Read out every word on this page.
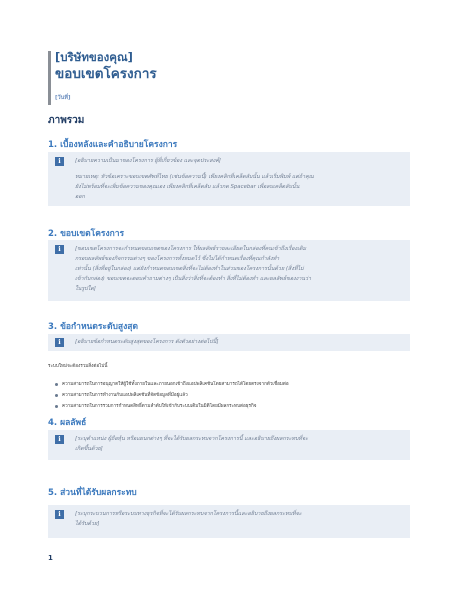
[บริษัทของคุณ]
ขอบเขตโครงการ
[วันที่]
ภาพรวม
1. เบื้องหลังและคำอธิบายโครงการ
i	[อธิบายความเป็นมาของโครงการ ผู้ที่เกี่ยวข้อง และจุดประสงค์]
หมายเหตุ: หัวข้อเคราะขอบเขตศัพท์ไทย (เช่นข้อความนี้) เพียงคลิกที่เคล็ดลับนั้น แล้วเริ่มพิมพ์ แต่ถ้าคุณ
ยังไม่พร้อมที่จะเพิ่มข้อความของคุณเอง เพียงคลิกที่เคล็ดลับ แล้วกด Spacebar เพื่อลบเคล็ดลับนั้น
ออก
2. ขอบเขตโครงการ
i	[ขอบเขตโครงการจะกำหนดขอบเขตของโครงการ ให้ผลลัพธ์รายละเอียดในกล่องที่คนเข้าถึงเรื่องเดิม
กรอบผลลัพธ์ของกิจกรรมต่างๆ ของโครงการทั้งหมดไว้ ซึ่งไม่ได้กำหนดเรื่องที่คุณกำลังทำ
เท่านั้น (สิ่งที่อยู่ในกล่อง) แต่ยังกำหนดขอบเขตสิ่งที่จะไม่ต้องทำในส่วนของโครงการนั้นด้วย (สิ่งที่ไม่
เข้ากับกล่อง) ขอบเขตจะตอบคำถามต่างๆ เป็นสิ่งว่าสิ่งที่จะต้องทำ สิ่งที่ไม่ต้องทำ และผลลัพธ์ของงานว่า
ในรูปใด]
3. ข้อกำหนดระดับสูงสุด
i	[อธิบายข้อกำหนดระดับสูงสุดของโครงการ ดังตัวอย่างต่อไปนี้]
ระบบใหม่จะต้องรวมสิ่งต่อไปนี้
ความสามารถในการอนุญาตให้ผู้ใช้ทั้งภายในและภายนอกเข้าถึงแอปพลิเคชันโดยสามารถได้โดยตรงจากตัวเชื่อมต่อ
ความสามารถในการทำงานกับแอปพลิเคชันที่จัดข้อมูลที่มีอยู่แล้ว
ความสามารถในการรวมการกำหนดสิทธิ์ตามลำดับให้เข้ากับระบบเดิมในมิติโดยมีผลกระทบต่อธุรกิจ
4. ผลลัพธ์
i	[ระบุตำแหน่ง ผู้ถือหุ้น หรือแผนกต่างๆ ที่จะได้รับผลกระทบจากโครงการนี้ และอธิบายถึงผลกระทบที่จะ
เกิดขึ้นด้วย]
5. ส่วนที่ได้รับผลกระทบ
i	[ระบุกระบวนการหรือระบบทางธุรกิจที่จะได้รับผลกระทบจากโครงการนี้และอธิบายถึงผลกระทบที่จะ
ได้รับด้วย]
1
